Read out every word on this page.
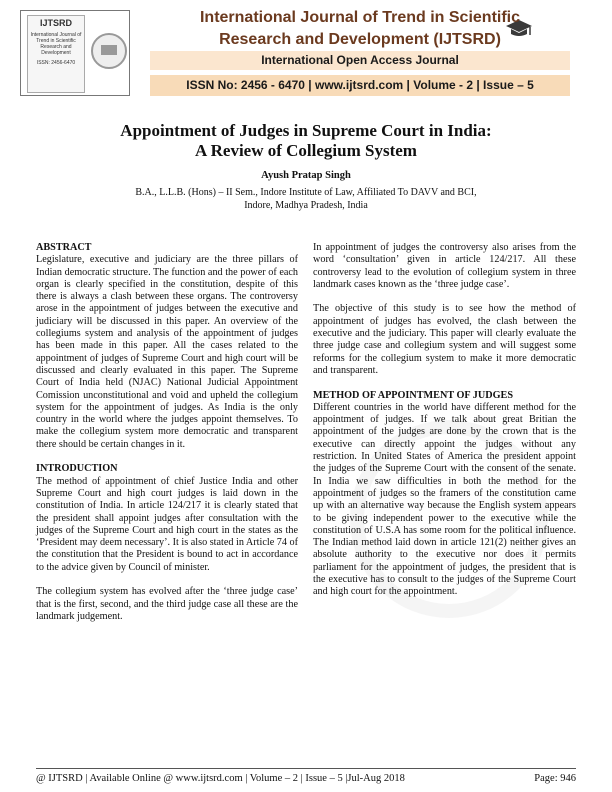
IJTSRD
International Journal of Trend in Scientific Research and Development
ISSN: 2456-6470
International Journal of Trend in Scientific
Research and Development (IJTSRD)
International Open Access Journal
ISSN No: 2456 - 6470 | www.ijtsrd.com | Volume - 2 | Issue – 5
Appointment of Judges in Supreme Court in India:
A Review of Collegium System
Ayush Pratap Singh
B.A., L.L.B. (Hons) – II Sem., Indore Institute of Law, Affiliated To DAVV and BCI,
Indore, Madhya Pradesh, India
ABSTRACT

Legislature, executive and judiciary are the three pillars of Indian democratic structure. The function and the power of each organ is clearly specified in the constitution, despite of this there is always a clash between these organs. The controversy arose in the appointment of judges between the executive and judiciary will be discussed in this paper. An overview of the collegiums system and analysis of the appointment of judges has been made in this paper. All the cases related to the appointment of judges of Supreme Court and high court will be discussed and clearly evaluated in this paper. The Supreme Court of India held (NJAC) National Judicial Appointment Comission unconstitutional and void and upheld the collegium system for the appointment of judges. As India is the only country in the world where the judges appoint themselves. To make the collegium system more democratic and transparent there should be certain changes in it.

INTRODUCTION

The method of appointment of chief Justice India and other Supreme Court and high court judges is laid down in the constitution of India. In article 124/217 it is clearly stated that the president shall appoint judges after consultation with the judges of the Supreme Court and high court in the states as the ‘President may deem necessary’. It is also stated in Article 74 of the constitution that the President is bound to act in accordance to the advice given by Council of minister.

The collegium system has evolved after the ‘three judge case’ that is the first, second, and the third judge case all these are the landmark judgement.

In appointment of judges the controversy also arises from the word ‘consultation’ given in article 124/217. All these controversy lead to the evolution of collegium system in three landmark cases known as the ‘three judge case’.

The objective of this study is to see how the method of appointment of judges has evolved, the clash between the executive and the judiciary. This paper will clearly evaluate the three judge case and collegium system and will suggest some reforms for the collegium system to make it more democratic and transparent.

METHOD OF APPOINTMENT OF JUDGES

Different countries in the world have different method for the appointment of judges. If we talk about great Britian the appointment of the judges are done by the crown that is the executive can directly appoint the judges without any restriction. In United States of America the president appoint the judges of the Supreme Court with the consent of the senate. In India we saw difficulties in both the method for the appointment of judges so the framers of the constitution came up with an alternative way because the English system appears to be giving independent power to the executive while the constitution of U.S.A has some room for the political influence. The Indian method laid down in article 121(2) neither gives an absolute authority to the executive nor does it permits parliament for the appointment of judges, the president that is the executive has to consult to the judges of the Supreme Court and high court for the appointment.

@ IJTSRD | Available Online @ www.ijtsrd.com | Volume – 2 | Issue – 5 |Jul-Aug 2018	Page: 946
